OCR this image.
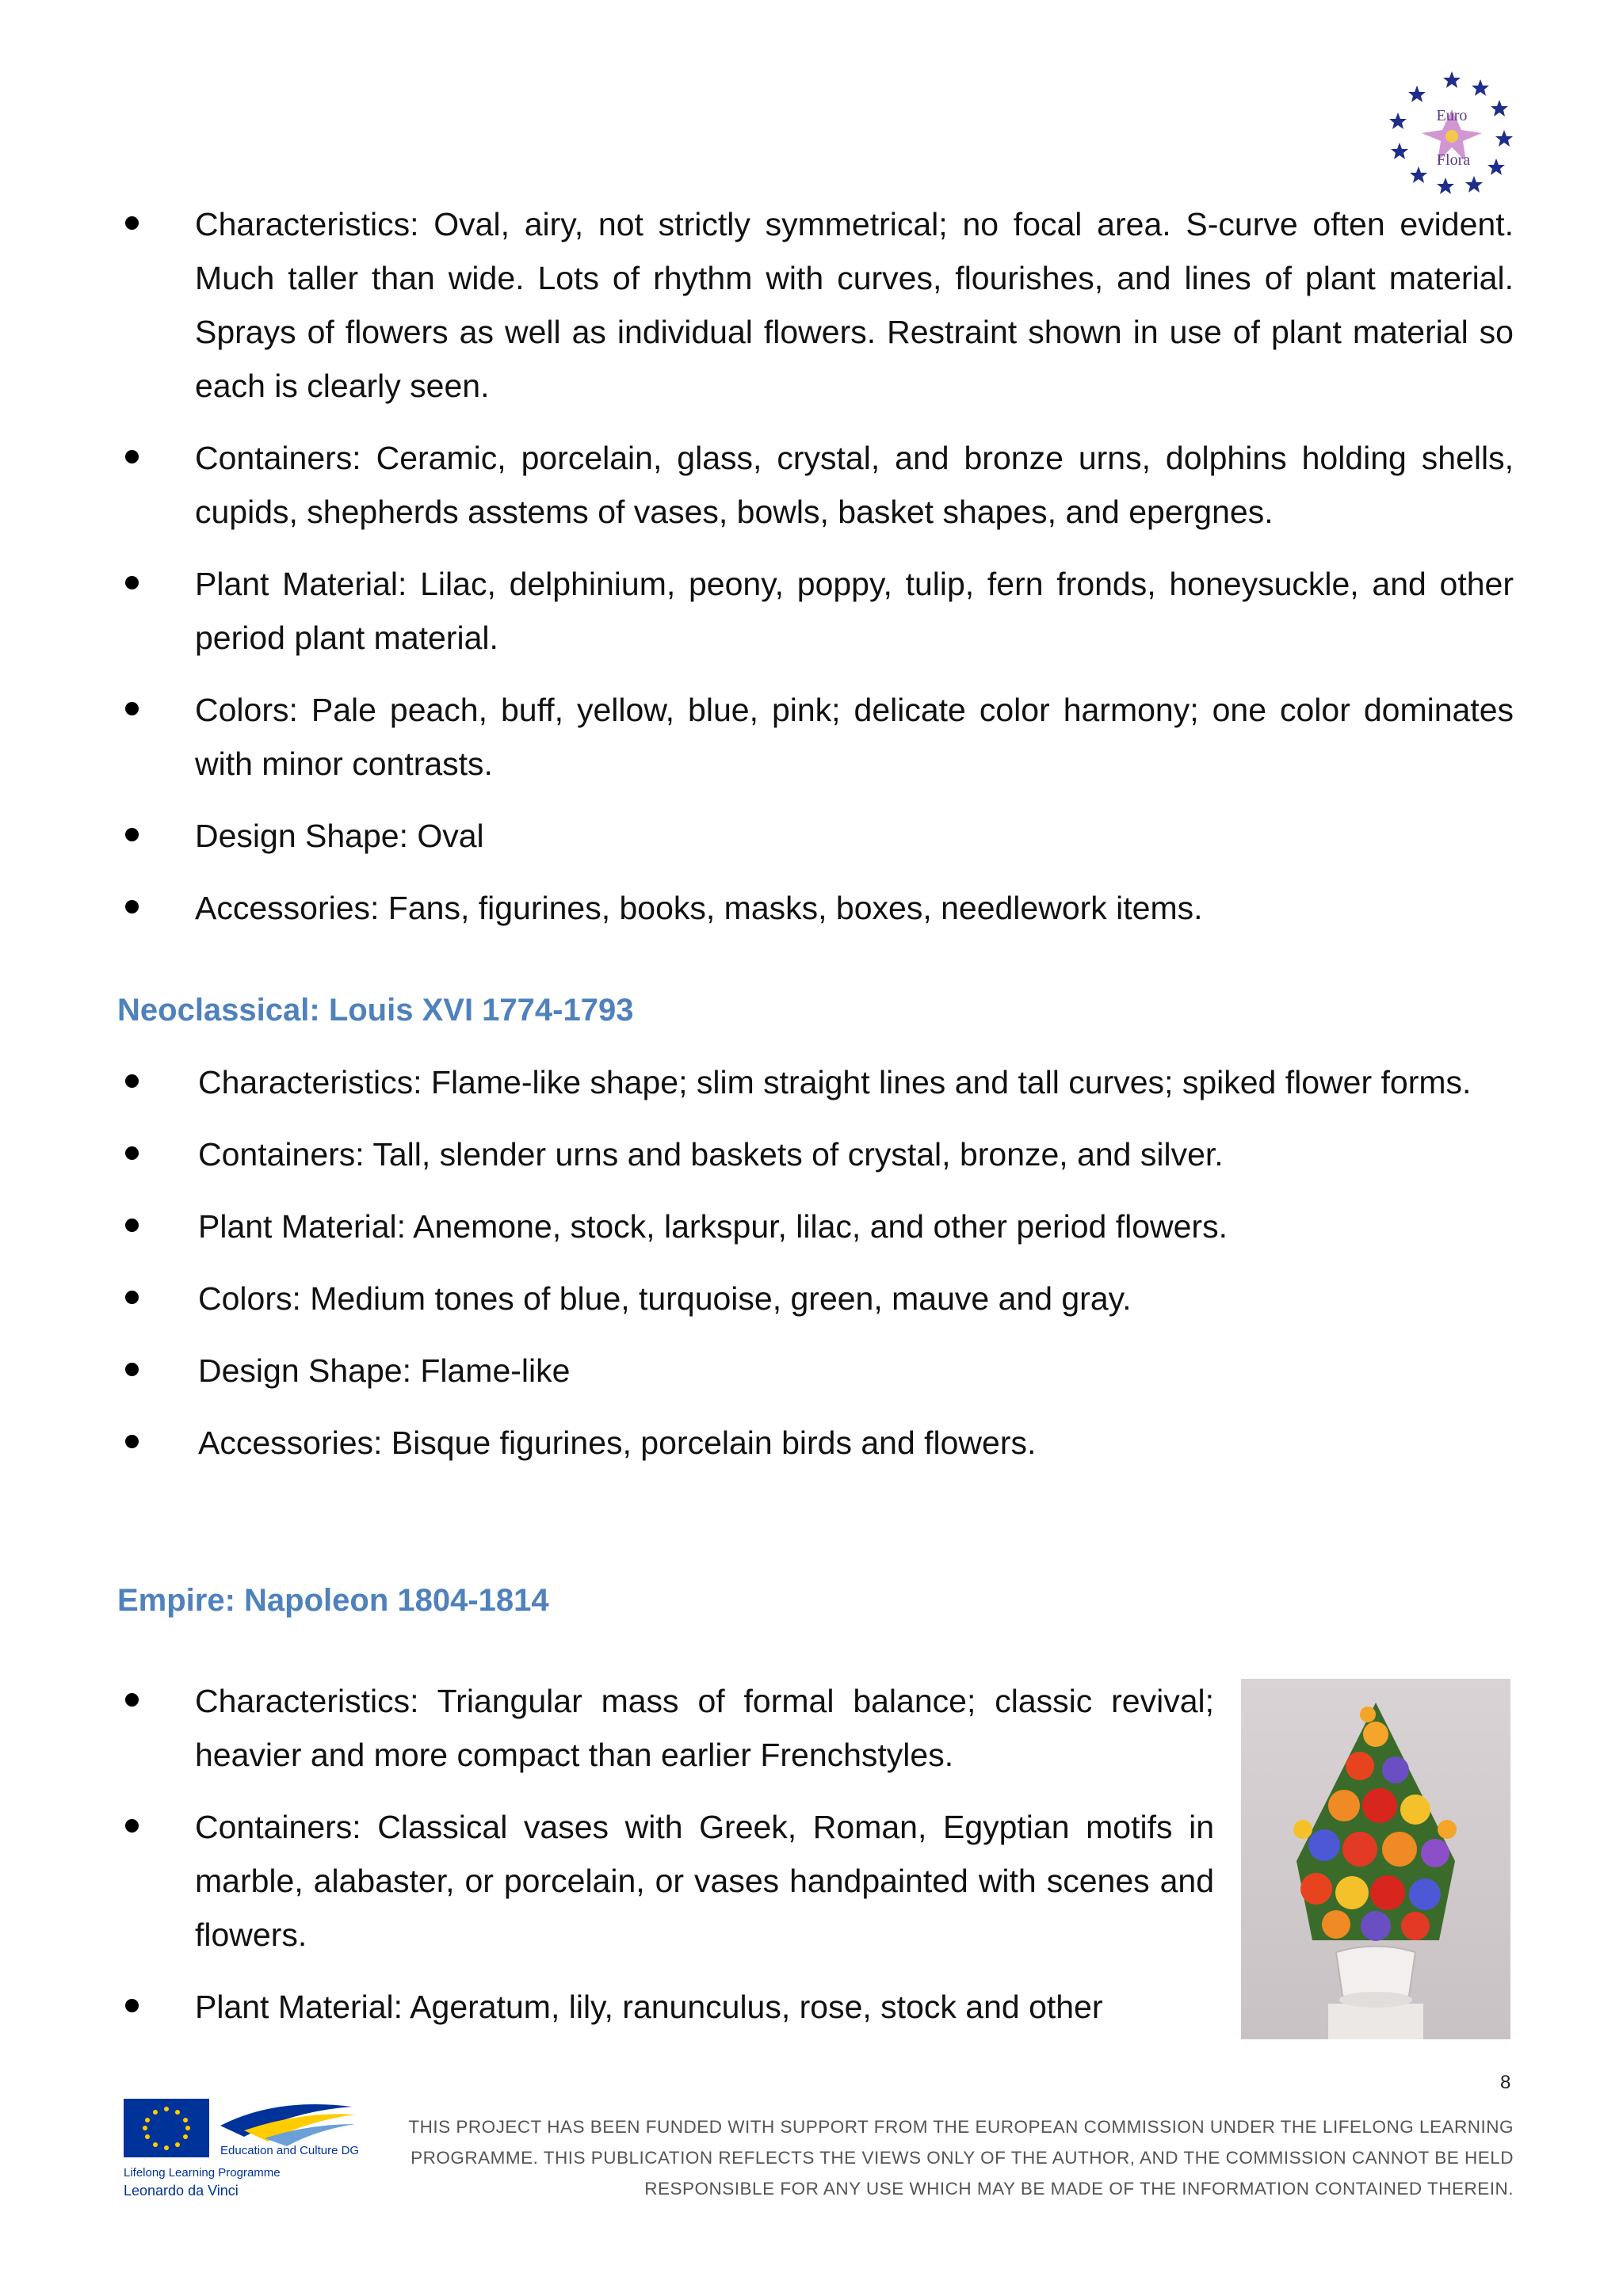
Euro
Flora
Characteristics: Oval, airy, not strictly symmetrical; no focal area. S-curve often evident. Much taller than wide. Lots of rhythm with curves, flourishes, and lines of plant material. Sprays of flowers as well as individual flowers. Restraint shown in use of plant material so each is clearly seen.
Containers: Ceramic, porcelain, glass, crystal, and bronze urns, dolphins holding shells, cupids, shepherds asstems of vases, bowls, basket shapes, and epergnes.
Plant Material: Lilac, delphinium, peony, poppy, tulip, fern fronds, honeysuckle, and other period plant material.
Colors: Pale peach, buff, yellow, blue, pink; delicate color harmony; one color dominates with minor contrasts.
Design Shape: Oval
Accessories: Fans, figurines, books, masks, boxes, needlework items.
Neoclassical: Louis XVI 1774-1793
Characteristics: Flame-like shape; slim straight lines and tall curves; spiked flower forms.
Containers: Tall, slender urns and baskets of crystal, bronze, and silver.
Plant Material: Anemone, stock, larkspur, lilac, and other period flowers.
Colors: Medium tones of blue, turquoise, green, mauve and gray.
Design Shape: Flame-like
Accessories: Bisque figurines, porcelain birds and flowers.
Empire: Napoleon 1804-1814
Characteristics: Triangular mass of formal balance; classic revival; heavier and more compact than earlier Frenchstyles.
Containers: Classical vases with Greek, Roman, Egyptian motifs in marble, alabaster, or porcelain, or vases handpainted with scenes and flowers.
Plant Material: Ageratum, lily, ranunculus, rose, stock and other
8
Education and Culture DG
Lifelong Learning Programme
Leonardo da Vinci
THIS PROJECT HAS BEEN FUNDED WITH SUPPORT FROM THE EUROPEAN COMMISSION UNDER THE LIFELONG LEARNING
PROGRAMME. THIS PUBLICATION REFLECTS THE VIEWS ONLY OF THE AUTHOR, AND THE COMMISSION CANNOT BE HELD
RESPONSIBLE FOR ANY USE WHICH MAY BE MADE OF THE INFORMATION CONTAINED THEREIN.
